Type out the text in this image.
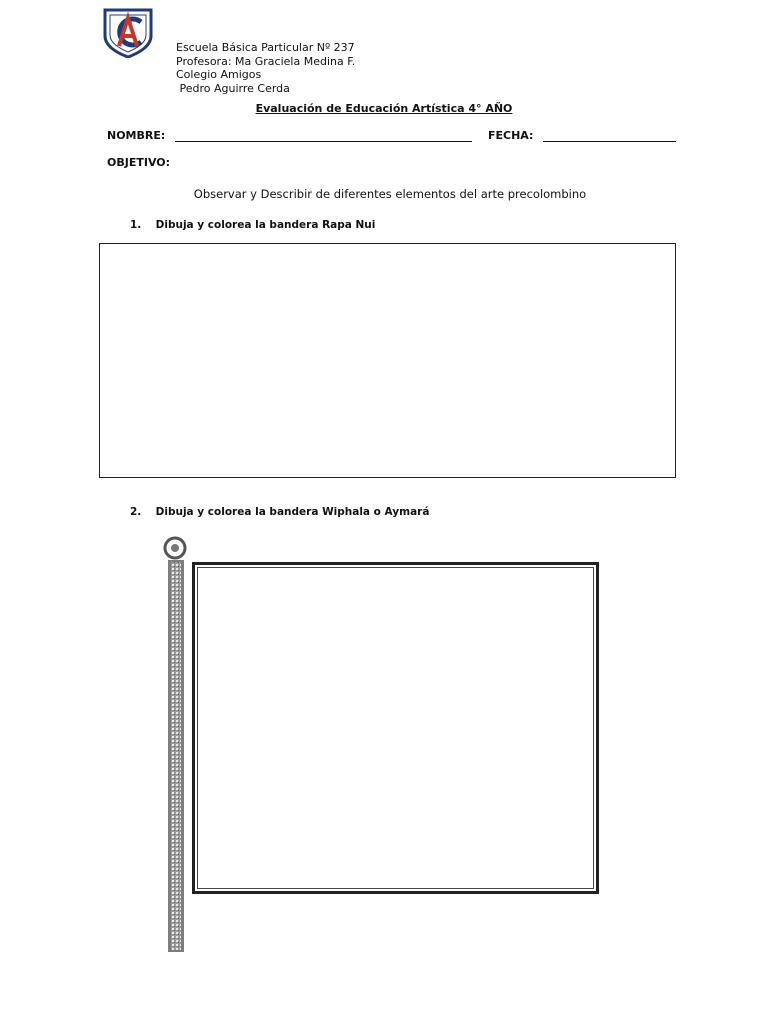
Escuela Básica Particular Nº 237
Profesora: Ma Graciela Medina F.
Colegio Amigos
Pedro Aguirre Cerda
Evaluación de Educación Artística 4° AÑO
NOMBRE:	FECHA:
OBJETIVO:
Observar y Describir de diferentes elementos del arte precolombino
1. Dibuja y colorea la bandera Rapa Nui
2. Dibuja y colorea la bandera Wiphala o Aymará
